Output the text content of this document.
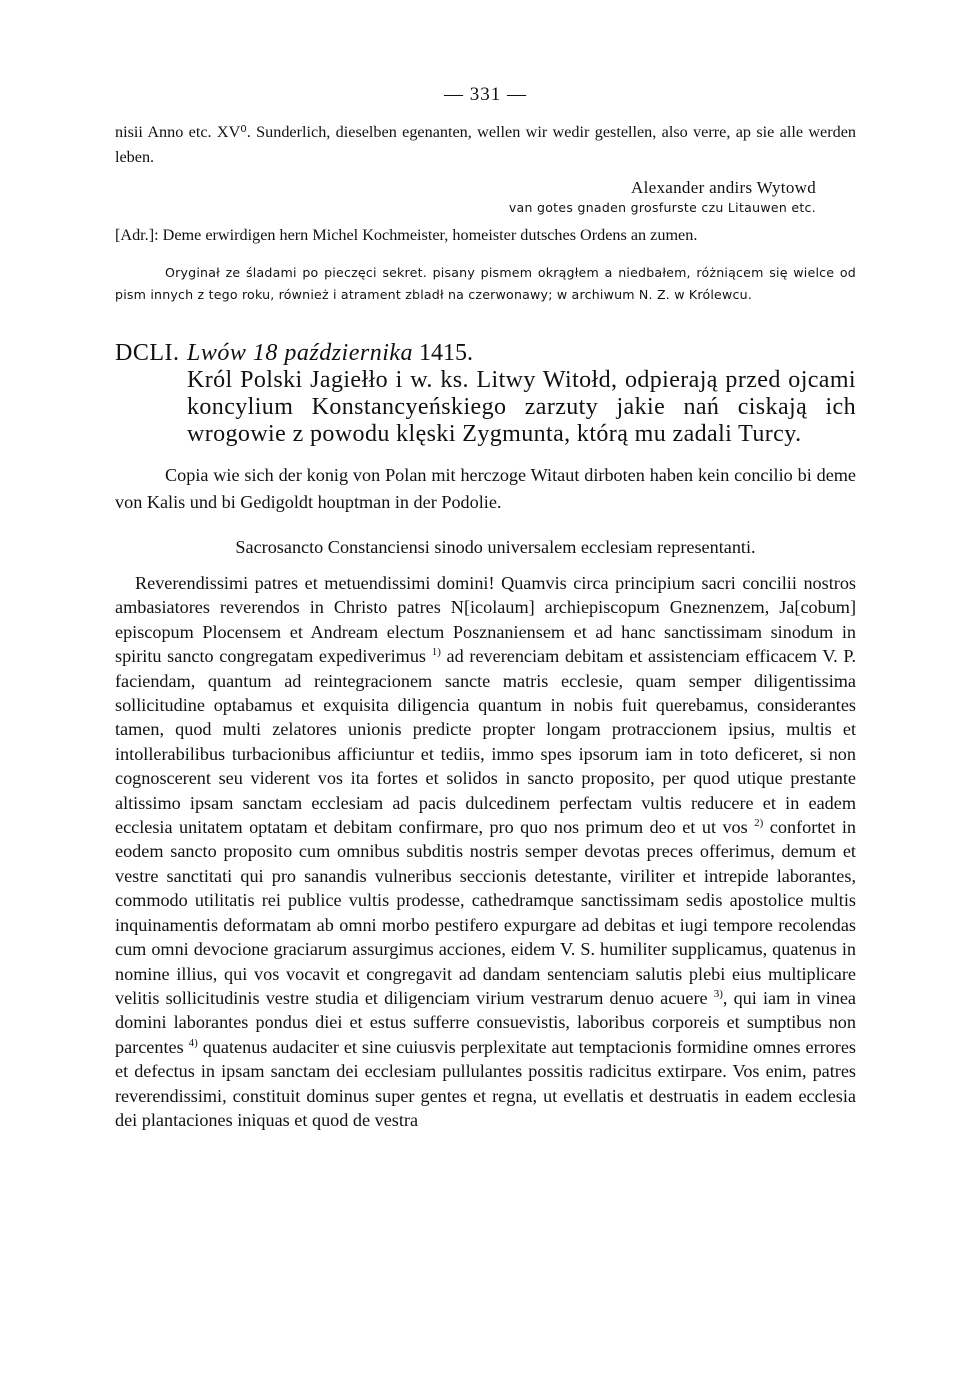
— 331 —
nisii Anno etc. XV⁰. Sunderlich, dieselben egenanten, wellen wir wedir gestellen, also verre, ap sie alle werden leben.
Alexander andirs Wytowd
van gotes gnaden grosfurste czu Litauwen etc.
[Adr.]: Deme erwirdigen hern Michel Kochmeister, homeister dutsches Ordens an zumen.
Oryginał ze śladami po pieczęci sekret. pisany pismem okrągłem a niedbałem, różniącem się wielce od pism innych z tego roku, również i atrament zbladł na czerwonawy; w archiwum N. Z. w Królewcu.
DCLI. Lwów 18 października 1415.
Król Polski Jagiełło i w. ks. Litwy Witołd, odpierają przed ojcami koncylium Konstancyeńskiego zarzuty jakie nań ciskają ich wrogowie z powodu klęski Zygmunta, którą mu zadali Turcy.
Copia wie sich der konig von Polan mit herczoge Witaut dirboten haben kein concilio bi deme von Kalis und bi Gedigoldt houptman in der Podolie.
Sacrosancto Constanciensi sinodo universalem ecclesiam representanti.
Reverendissimi patres et metuendissimi domini! Quamvis circa principium sacri concilii nostros ambasiatores reverendos in Christo patres N[icolaum] archiepiscopum Gneznenzem, Ja[cobum] episcopum Plocensem et Andream electum Posznaniensem et ad hanc sanctissimam sinodum in spiritu sancto congregatam expediverimus $^{1)}$ ad reverenciam debitam et assistenciam efficacem V. P. faciendam, quantum ad reintegracionem sancte matris ecclesie, quam semper diligentissima sollicitudine optabamus et exquisita diligencia quantum in nobis fuit querebamus, considerantes tamen, quod multi zelatores unionis predicte propter longam protraccionem ipsius, multis et intollerabilibus turbacionibus afficiuntur et tediis, immo spes ipsorum iam in toto deficeret, si non cognoscerent seu viderent vos ita fortes et solidos in sancto proposito, per quod utique prestante altissimo ipsam sanctam ecclesiam ad pacis dulcedinem perfectam vultis reducere et in eadem ecclesia unitatem optatam et debitam confirmare, pro quo nos primum deo et ut vos $^{2)}$ confortet in eodem sancto proposito cum omnibus subditis nostris semper devotas preces offerimus, demum et vestre sanctitati qui pro sanandis vulneribus seccionis detestante, viriliter et intrepide laborantes, commodo utilitatis rei publice vultis prodesse, cathedramque sanctissimam sedis apostolice multis inquinamentis deformatam ab omni morbo pestifero expurgare ad debitas et iugi tempore recolendas cum omni devocione graciarum assurgimus acciones, eidem V. S. humiliter supplicamus, quatenus in nomine illius, qui vos vocavit et congregavit ad dandam sentenciam salutis plebi eius multiplicare velitis sollicitudinis vestre studia et diligenciam virium vestrarum denuo acuere $^{3)}$, qui iam in vinea domini laborantes pondus diei et estus sufferre consuevistis, laboribus corporeis et sumptibus non parcentes $^{4)}$ quatenus audaciter et sine cuiusvis perplexitate aut temptacionis formidine omnes errores et defectus in ipsam sanctam dei ecclesiam pullulantes possitis radicitus extirpare. Vos enim, patres reverendissimi, constituit dominus super gentes et regna, ut evellatis et destruatis in eadem ecclesia dei plantaciones iniquas et quod de vestra
